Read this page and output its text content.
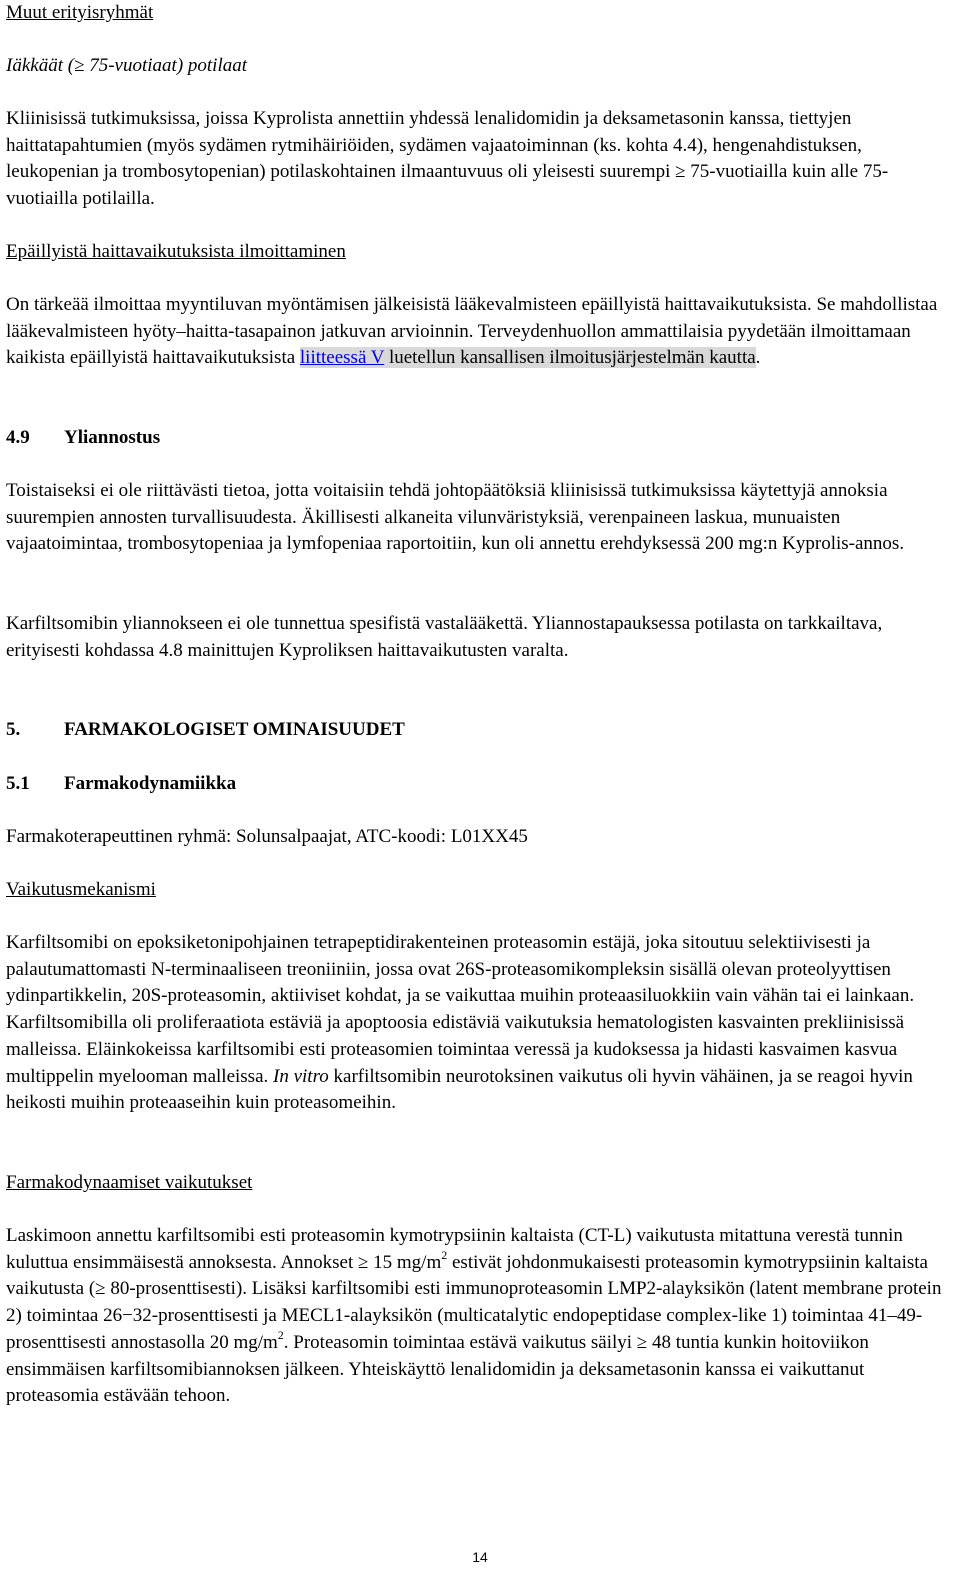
Muut erityisryhmät

Iäkkäät (≥ 75-vuotiaat) potilaat

Kliinisissä tutkimuksissa, joissa Kyprolista annettiin yhdessä lenalidomidin ja deksametasonin kanssa, tiettyjen haittatapahtumien (myös sydämen rytmihäiriöiden, sydämen vajaatoiminnan (ks. kohta 4.4), hengenahdistuksen, leukopenian ja trombosytopenian) potilaskohtainen ilmaantuvuus oli yleisesti suurempi ≥ 75-vuotiailla kuin alle 75-vuotiailla potilailla.

Epäillyistä haittavaikutuksista ilmoittaminen

On tärkeää ilmoittaa myyntiluvan myöntämisen jälkeisistä lääkevalmisteen epäillyistä haittavaikutuksista. Se mahdollistaa lääkevalmisteen hyöty–haitta-tasapainon jatkuvan arvioinnin. Terveydenhuollon ammattilaisia pyydetään ilmoittamaan kaikista epäillyistä haittavaikutuksista liitteessä V luetellun kansallisen ilmoitusjärjestelmän kautta.

4.9 Yliannostus

Toistaiseksi ei ole riittävästi tietoa, jotta voitaisiin tehdä johtopäätöksiä kliinisissä tutkimuksissa käytettyjä annoksia suurempien annosten turvallisuudesta. Äkillisesti alkaneita vilunväristyksiä, verenpaineen laskua, munuaisten vajaatoimintaa, trombosytopeniaa ja lymfopeniaa raportoitiin, kun oli annettu erehdyksessä 200 mg:n Kyprolis-annos.

Karfiltsomibin yliannokseen ei ole tunnettua spesifistä vastalääkettä. Yliannostapauksessa potilasta on tarkkailtava, erityisesti kohdassa 4.8 mainittujen Kyproliksen haittavaikutusten varalta.

5. FARMAKOLOGISET OMINAISUUDET

5.1 Farmakodynamiikka

Farmakoterapeuttinen ryhmä: Solunsalpaajat, ATC-koodi: L01XX45

Vaikutusmekanismi

Karfiltsomibi on epoksiketonipohjainen tetrapeptidirakenteinen proteasomin estäjä, joka sitoutuu selektiivisesti ja palautumattomasti N-terminaaliseen treoniiniin, jossa ovat 26S-proteasomikompleksin sisällä olevan proteolyyttisen ydinpartikkelin, 20S-proteasomin, aktiiviset kohdat, ja se vaikuttaa muihin proteaasiluokkiin vain vähän tai ei lainkaan. Karfiltsomibilla oli proliferaatiota estäviä ja apoptoosia edistäviä vaikutuksia hematologisten kasvainten prekliinisissä malleissa. Eläinkokeissa karfiltsomibi esti proteasomien toimintaa veressä ja kudoksessa ja hidasti kasvaimen kasvua multippelin myelooman malleissa. In vitro karfiltsomibin neurotoksinen vaikutus oli hyvin vähäinen, ja se reagoi hyvin heikosti muihin proteaaseihin kuin proteasomeihin.

Farmakodynaamiset vaikutukset

Laskimoon annettu karfiltsomibi esti proteasomin kymotrypsiinin kaltaista (CT-L) vaikutusta mitattuna verestä tunnin kuluttua ensimmäisestä annoksesta. Annokset ≥ 15 $mg/m^2$ estivät johdonmukaisesti proteasomin kymotrypsiinin kaltaista vaikutusta (≥ 80-prosenttisesti). Lisäksi karfiltsomibi esti immunoproteasomin LMP2-alayksikön (latent membrane protein 2) toimintaa 26−32-prosenttisesti ja MECL1-alayksikön (multicatalytic endopeptidase complex-like 1) toimintaa 41–49-prosenttisesti annostasolla 20 $mg/m^2$. Proteasomin toimintaa estävä vaikutus säilyi ≥ 48 tuntia kunkin hoitoviikon ensimmäisen karfiltsomibiannoksen jälkeen. Yhteiskäyttö lenalidomidin ja deksametasonin kanssa ei vaikuttanut proteasomia estävään tehoon.

14
